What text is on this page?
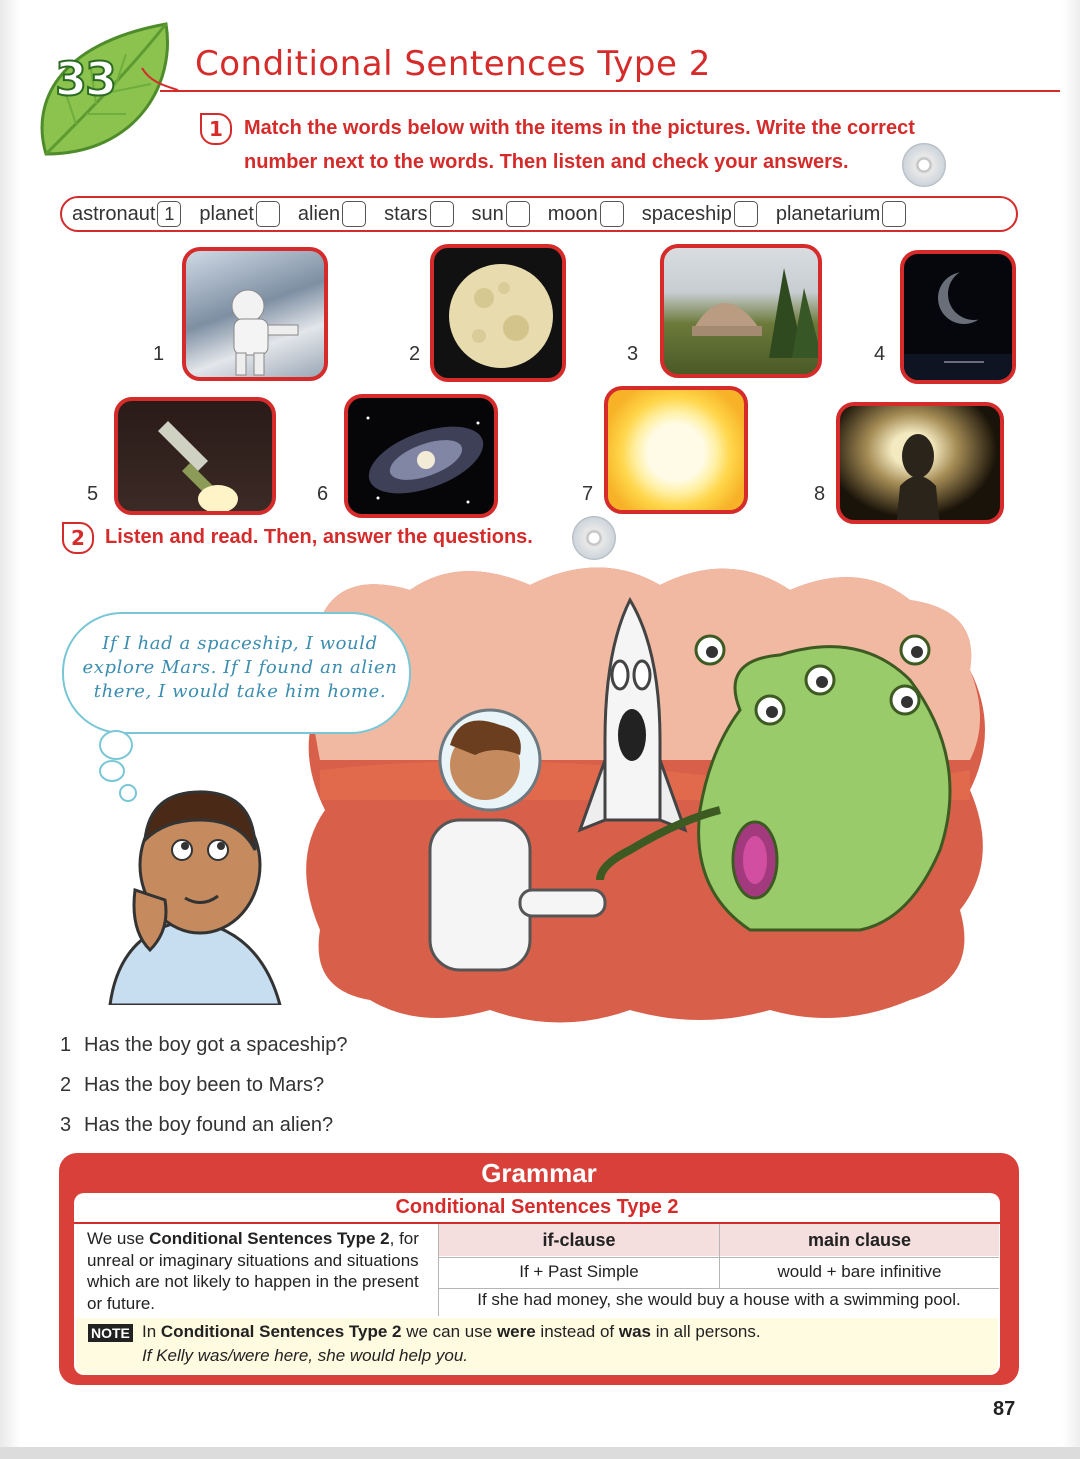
33 Conditional Sentences Type 2
1	Match the words below with the items in the pictures. Write the correct
number next to the words. Then listen and check your answers.
astronaut 1	planet alien stars sun moon spaceship planetarium
1	2	3	4
5	6	7	8
2	Listen and read. Then, answer the questions.
If I had a spaceship, I would explore Mars. If I found an alien there, I would take him home.
1 Has the boy got a spaceship?
2 Has the boy been to Mars?
3 Has the boy found an alien?
Grammar
Conditional Sentences Type 2
We use Conditional Sentences Type 2, for unreal or imaginary situations and situations which are not likely to happen in the present or future.
if-clause	main clause
If + Past Simple	would + bare infinitive
If she had money, she would buy a house with a swimming pool.
NOTE In Conditional Sentences Type 2 we can use were instead of was in all persons.
If Kelly was/were here, she would help you.
87
